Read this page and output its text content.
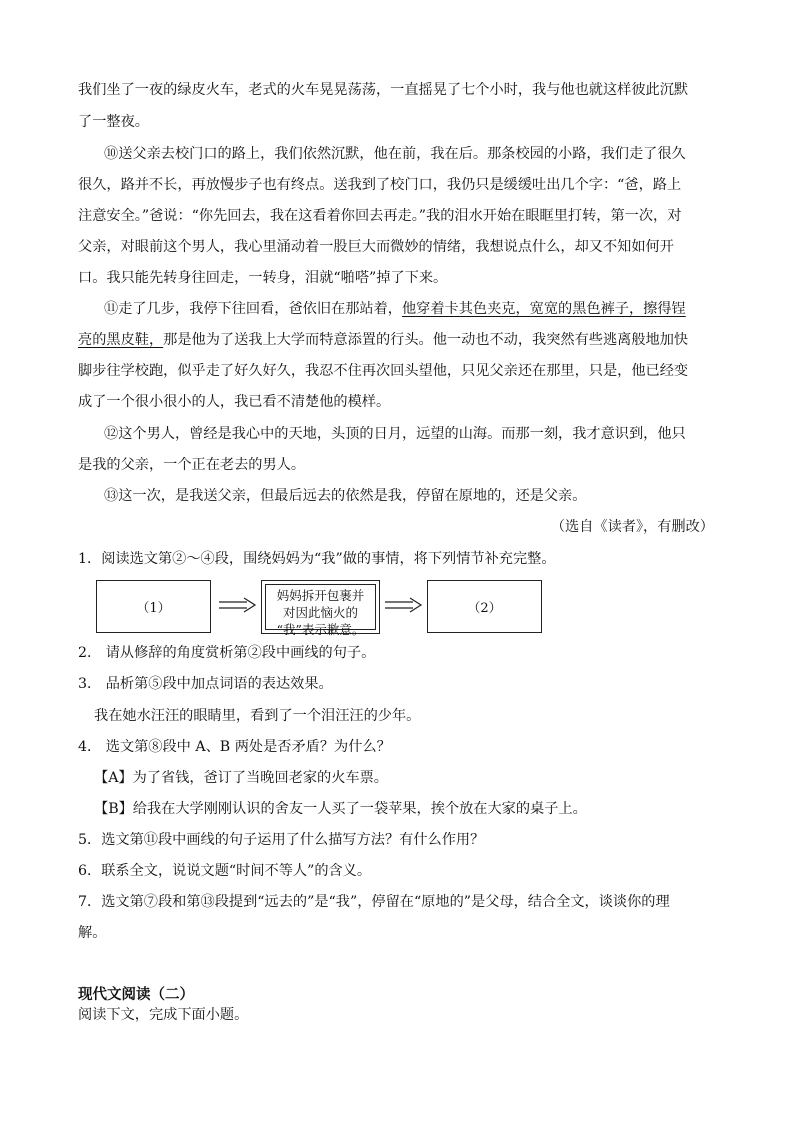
我们坐了一夜的绿皮火车，老式的火车晃晃荡荡，一直摇晃了七个小时，我与他也就这样彼此沉默
了一整夜。
⑩送父亲去校门口的路上，我们依然沉默，他在前，我在后。那条校园的小路，我们走了很久
很久，路并不长，再放慢步子也有终点。送我到了校门口，我仍只是缓缓吐出几个字：“爸，路上
注意安全。”爸说：“你先回去，我在这看着你回去再走。”我的泪水开始在眼眶里打转，第一次，对
父亲，对眼前这个男人，我心里涌动着一股巨大而微妙的情绪，我想说点什么，却又不知如何开
口。我只能先转身往回走，一转身，泪就“啪嗒”掉了下来。
⑪走了几步，我停下往回看，爸依旧在那站着，他穿着卡其色夹克，宽宽的黑色裤子，擦得锃
亮的黑皮鞋，那是他为了送我上大学而特意添置的行头。他一动也不动，我突然有些逃离般地加快
脚步往学校跑，似乎走了好久好久，我忍不住再次回头望他，只见父亲还在那里，只是，他已经变
成了一个很小很小的人，我已看不清楚他的模样。
⑫这个男人，曾经是我心中的天地，头顶的日月，远望的山海。而那一刻，我才意识到，他只
是我的父亲，一个正在老去的男人。
⑬这一次，是我送父亲，但最后远去的依然是我，停留在原地的，还是父亲。
（选自《读者》，有删改）
1．阅读选文第②～④段，围绕妈妈为“我”做的事情，将下列情节补充完整。
（1）
妈妈拆开包裹并
对因此恼火的
“我”表示歉意。
（2）
2． 请从修辞的角度赏析第②段中画线的句子。
3． 品析第⑤段中加点词语的表达效果。
我在她水汪汪的眼睛里，看到了一个泪汪汪的少年。
4． 选文第⑧段中 A、B 两处是否矛盾？为什么？
【A】为了省钱，爸订了当晚回老家的火车票。
【B】给我在大学刚刚认识的舍友一人买了一袋苹果，挨个放在大家的桌子上。
5．选文第⑪段中画线的句子运用了什么描写方法？有什么作用？
6．联系全文，说说文题“时间不等人”的含义。
7．选文第⑦段和第⑬段提到“远去的”是“我”，停留在“原地的”是父母，结合全文，谈谈你的理
解。
现代文阅读（二）
阅读下文，完成下面小题。
